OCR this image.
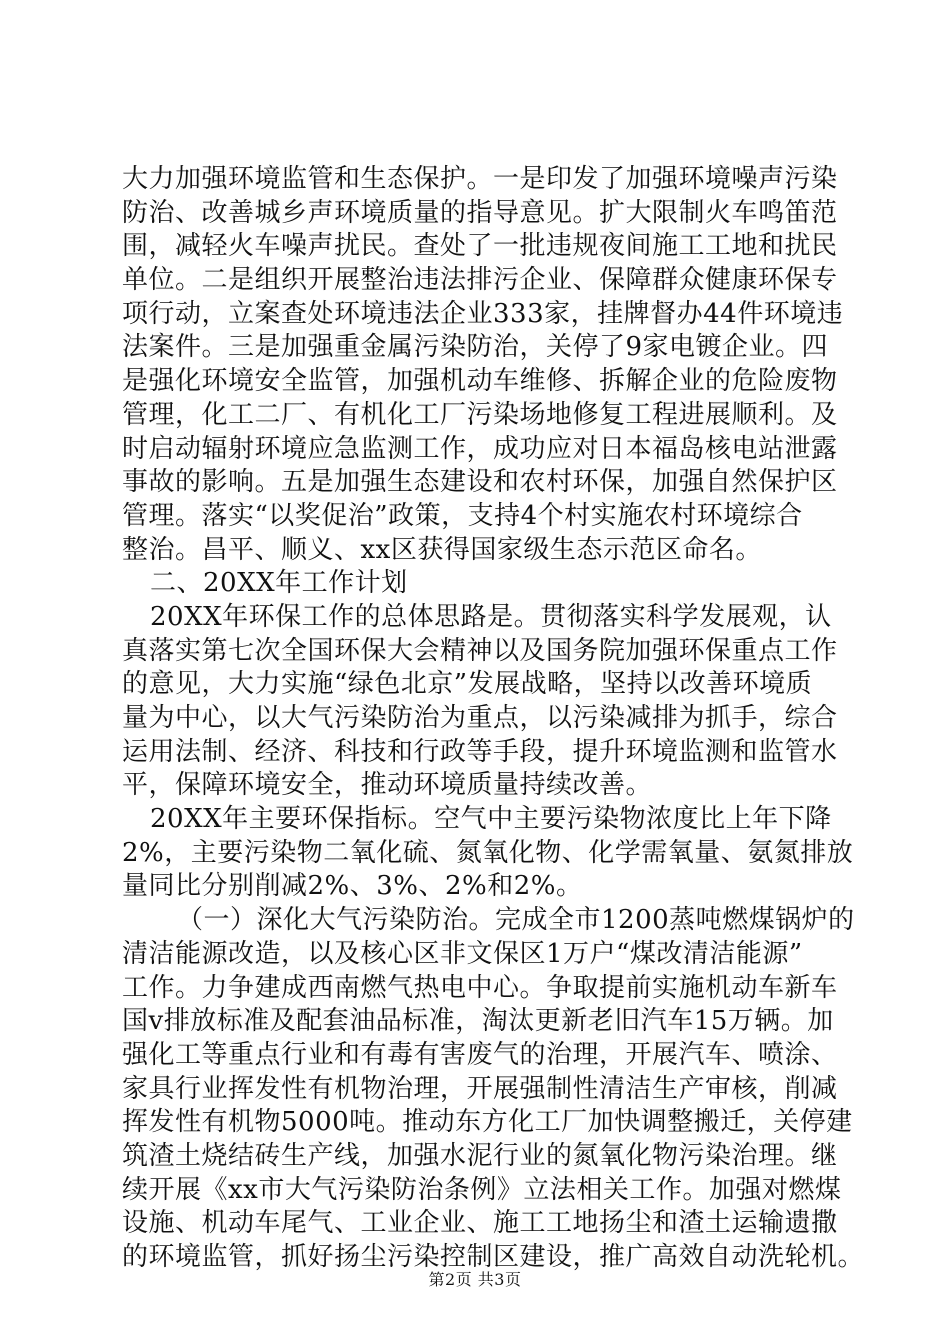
大力加强环境监管和生态保护。一是印发了加强环境噪声污染
防治、改善城乡声环境质量的指导意见。扩大限制火车鸣笛范
围，减轻火车噪声扰民。查处了一批违规夜间施工工地和扰民
单位。二是组织开展整治违法排污企业、保障群众健康环保专
项行动，立案查处环境违法企业333家，挂牌督办44件环境违
法案件。三是加强重金属污染防治，关停了9家电镀企业。四
是强化环境安全监管，加强机动车维修、拆解企业的危险废物
管理，化工二厂、有机化工厂污染场地修复工程进展顺利。及
时启动辐射环境应急监测工作，成功应对日本福岛核电站泄露
事故的影响。五是加强生态建设和农村环保，加强自然保护区
管理。落实“以奖促治”政策，支持4个村实施农村环境综合
整治。昌平、顺义、xx区获得国家级生态示范区命名。
二、20XX年工作计划
20XX年环保工作的总体思路是。贯彻落实科学发展观，认
真落实第七次全国环保大会精神以及国务院加强环保重点工作
的意见，大力实施“绿色北京”发展战略，坚持以改善环境质
量为中心，以大气污染防治为重点，以污染减排为抓手，综合
运用法制、经济、科技和行政等手段，提升环境监测和监管水
平，保障环境安全，推动环境质量持续改善。
20XX年主要环保指标。空气中主要污染物浓度比上年下降
2%，主要污染物二氧化硫、氮氧化物、化学需氧量、氨氮排放
量同比分别削减2%、3%、2%和2%。
（一）深化大气污染防治。完成全市1200蒸吨燃煤锅炉的
清洁能源改造，以及核心区非文保区1万户“煤改清洁能源”
工作。力争建成西南燃气热电中心。争取提前实施机动车新车
国v排放标准及配套油品标准，淘汰更新老旧汽车15万辆。加
强化工等重点行业和有毒有害废气的治理，开展汽车、喷涂、
家具行业挥发性有机物治理，开展强制性清洁生产审核，削减
挥发性有机物5000吨。推动东方化工厂加快调整搬迁，关停建
筑渣土烧结砖生产线，加强水泥行业的氮氧化物污染治理。继
续开展《xx市大气污染防治条例》立法相关工作。加强对燃煤
设施、机动车尾气、工业企业、施工工地扬尘和渣土运输遗撒
的环境监管，抓好扬尘污染控制区建设，推广高效自动洗轮机。
第2页 共3页
